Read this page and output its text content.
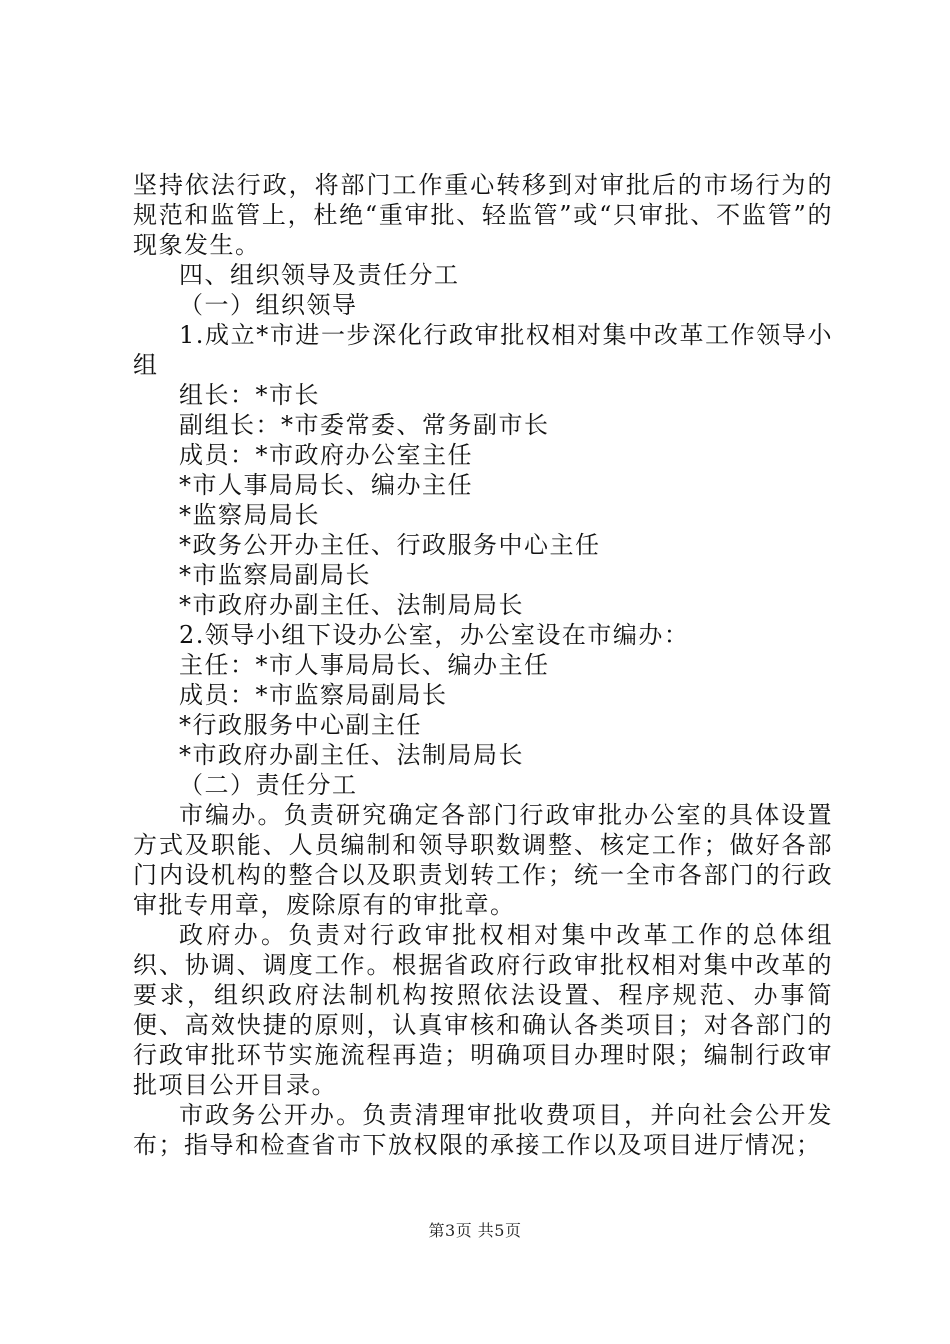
坚持依法行政，将部门工作重心转移到对审批后的市场行为的规范和监管上，杜绝“重审批、轻监管”或“只审批、不监管”的现象发生。

四、组织领导及责任分工

（一）组织领导

1.成立*市进一步深化行政审批权相对集中改革工作领导小组

组长：*市长

副组长：*市委常委、常务副市长

成员：*市政府办公室主任

*市人事局局长、编办主任

*监察局局长

*政务公开办主任、行政服务中心主任

*市监察局副局长

*市政府办副主任、法制局局长

2.领导小组下设办公室，办公室设在市编办：

主任：*市人事局局长、编办主任

成员：*市监察局副局长

*行政服务中心副主任

*市政府办副主任、法制局局长

（二）责任分工

市编办。负责研究确定各部门行政审批办公室的具体设置方式及职能、人员编制和领导职数调整、核定工作；做好各部门内设机构的整合以及职责划转工作；统一全市各部门的行政审批专用章，废除原有的审批章。

政府办。负责对行政审批权相对集中改革工作的总体组织、协调、调度工作。根据省政府行政审批权相对集中改革的要求，组织政府法制机构按照依法设置、程序规范、办事简便、高效快捷的原则，认真审核和确认各类项目；对各部门的行政审批环节实施流程再造；明确项目办理时限；编制行政审批项目公开目录。

市政务公开办。负责清理审批收费项目，并向社会公开发布；指导和检查省市下放权限的承接工作以及项目进厅情况；

第3页 共5页
